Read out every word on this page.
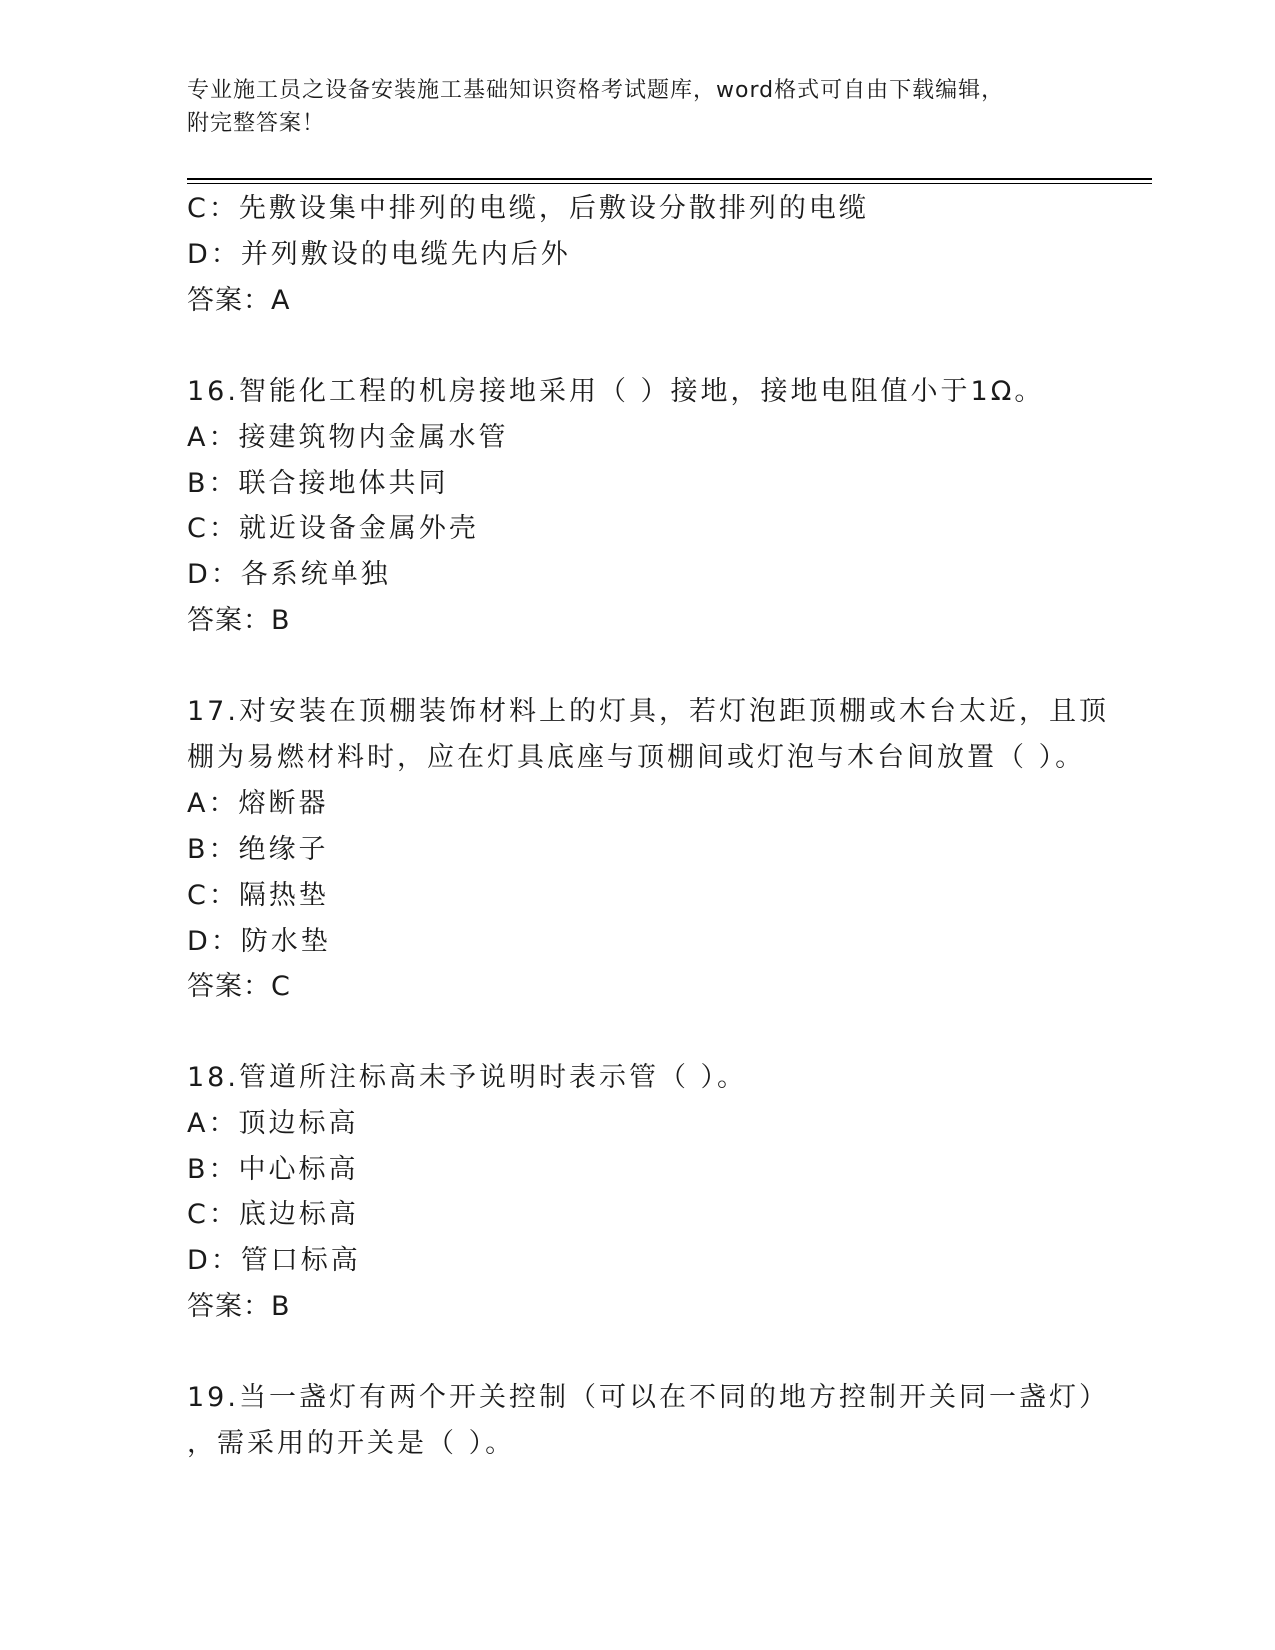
专业施工员之设备安装施工基础知识资格考试题库，word格式可自由下载编辑，
附完整答案！
C：先敷设集中排列的电缆，后敷设分散排列的电缆
D：并列敷设的电缆先内后外
答案：A
16.智能化工程的机房接地采用（ ）接地，接地电阻值小于1Ω。
A：接建筑物内金属水管
B：联合接地体共同
C：就近设备金属外壳
D：各系统单独
答案：B
17.对安装在顶棚装饰材料上的灯具，若灯泡距顶棚或木台太近，且顶
棚为易燃材料时，应在灯具底座与顶棚间或灯泡与木台间放置（ ）。
A：熔断器
B：绝缘子
C：隔热垫
D：防水垫
答案：C
18.管道所注标高未予说明时表示管（ ）。
A：顶边标高
B：中心标高
C：底边标高
D：管口标高
答案：B
19.当一盏灯有两个开关控制（可以在不同的地方控制开关同一盏灯）
，需采用的开关是（ ）。
